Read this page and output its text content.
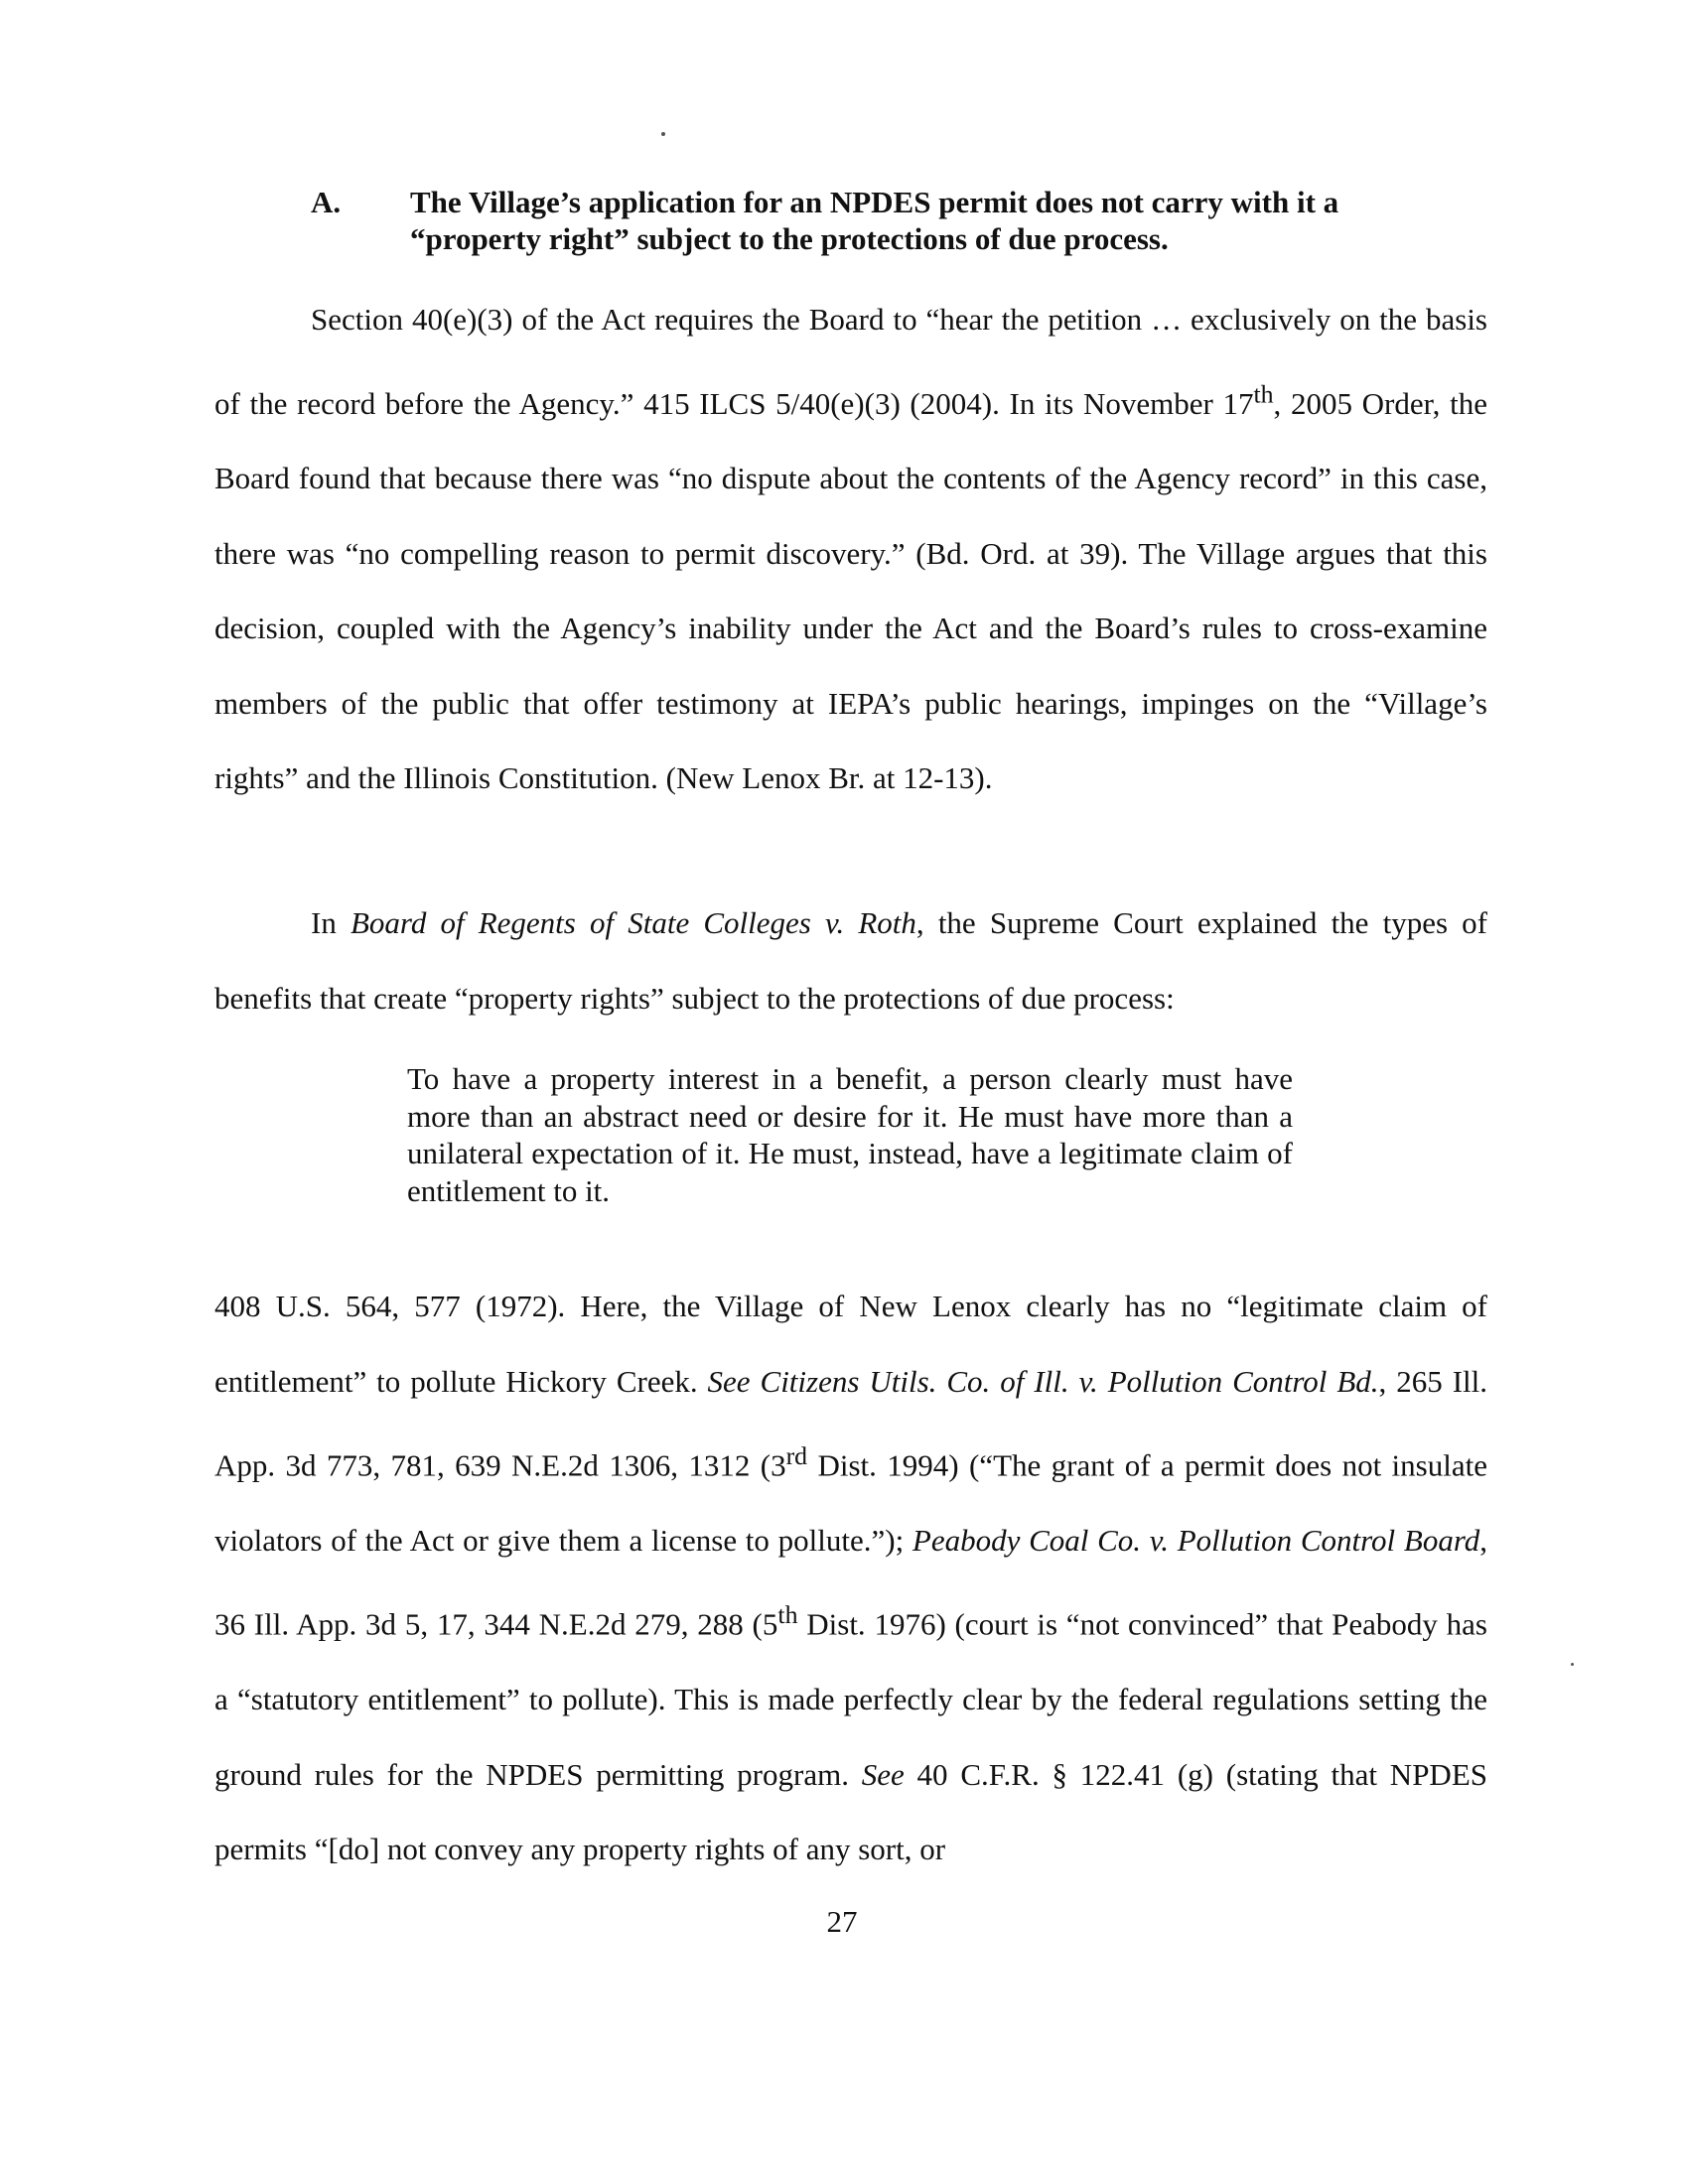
A. The Village’s application for an NPDES permit does not carry with it a “property right” subject to the protections of due process.

Section 40(e)(3) of the Act requires the Board to “hear the petition … exclusively on the basis of the record before the Agency.” 415 ILCS 5/40(e)(3) (2004). In its November 17th, 2005 Order, the Board found that because there was “no dispute about the contents of the Agency record” in this case, there was “no compelling reason to permit discovery.” (Bd. Ord. at 39). The Village argues that this decision, coupled with the Agency’s inability under the Act and the Board’s rules to cross-examine members of the public that offer testimony at IEPA’s public hearings, impinges on the “Village’s rights” and the Illinois Constitution. (New Lenox Br. at 12-13).

In Board of Regents of State Colleges v. Roth, the Supreme Court explained the types of benefits that create “property rights” subject to the protections of due process:

To have a property interest in a benefit, a person clearly must have more than an abstract need or desire for it. He must have more than a unilateral expectation of it. He must, instead, have a legitimate claim of entitlement to it.

408 U.S. 564, 577 (1972). Here, the Village of New Lenox clearly has no “legitimate claim of entitlement” to pollute Hickory Creek. See Citizens Utils. Co. of Ill. v. Pollution Control Bd., 265 Ill. App. 3d 773, 781, 639 N.E.2d 1306, 1312 (3rd Dist. 1994) (“The grant of a permit does not insulate violators of the Act or give them a license to pollute.”); Peabody Coal Co. v. Pollution Control Board, 36 Ill. App. 3d 5, 17, 344 N.E.2d 279, 288 (5th Dist. 1976) (court is “not convinced” that Peabody has a “statutory entitlement” to pollute). This is made perfectly clear by the federal regulations setting the ground rules for the NPDES permitting program. See 40 C.F.R. § 122.41 (g) (stating that NPDES permits “[do] not convey any property rights of any sort, or

27
